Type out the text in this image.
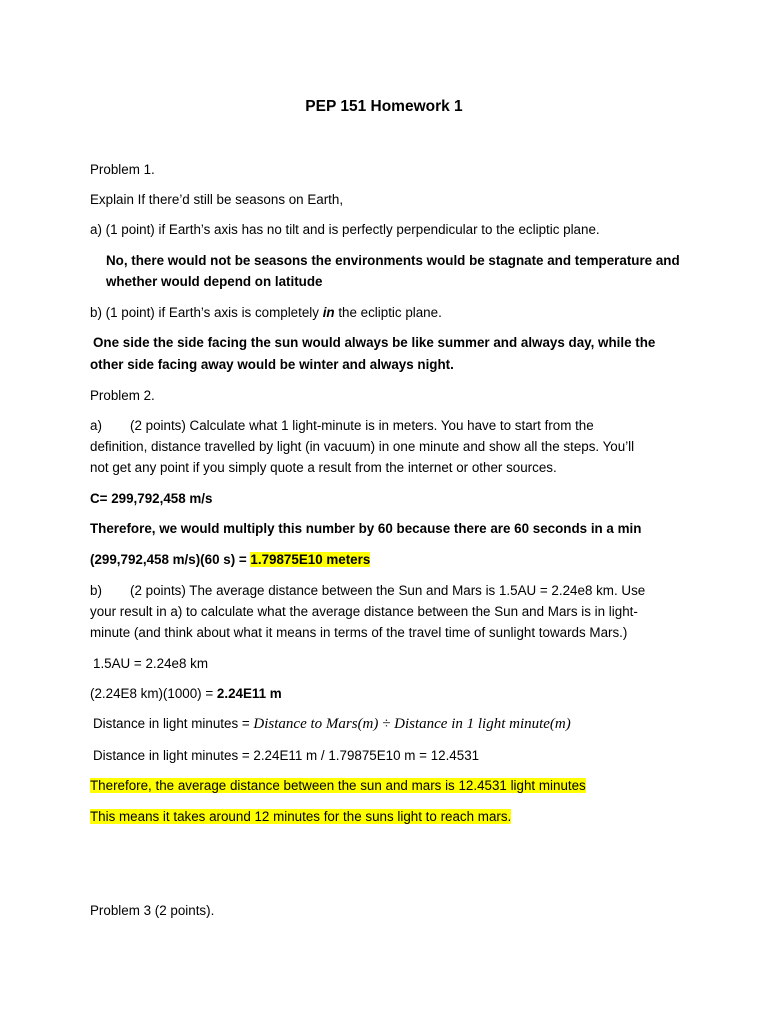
PEP 151 Homework 1
Problem 1.
Explain If there’d still be seasons on Earth,
a) (1 point) if Earth’s axis has no tilt and is perfectly perpendicular to the ecliptic plane.
No, there would not be seasons the environments would be stagnate and temperature and
whether would depend on latitude
b) (1 point) if Earth’s axis is completely in the ecliptic plane.
One side the side facing the sun would always be like summer and always day, while the
other side facing away would be winter and always night.
Problem 2.
a) (2 points) Calculate what 1 light-minute is in meters. You have to start from the
definition, distance travelled by light (in vacuum) in one minute and show all the steps. You’ll
not get any point if you simply quote a result from the internet or other sources.
C= 299,792,458 m/s
Therefore, we would multiply this number by 60 because there are 60 seconds in a min
(299,792,458 m/s)(60 s) = 1.79875E10 meters
b) (2 points) The average distance between the Sun and Mars is 1.5AU = 2.24e8 km. Use
your result in a) to calculate what the average distance between the Sun and Mars is in light-
minute (and think about what it means in terms of the travel time of sunlight towards Mars.)
1.5AU = 2.24e8 km
(2.24E8 km)(1000) = 2.24E11 m
Distance in light minutes = Distance to Mars(m) ÷ Distance in 1 light minute(m)
Distance in light minutes = 2.24E11 m / 1.79875E10 m = 12.4531
Therefore, the average distance between the sun and mars is 12.4531 light minutes
This means it takes around 12 minutes for the suns light to reach mars.
Problem 3 (2 points).
